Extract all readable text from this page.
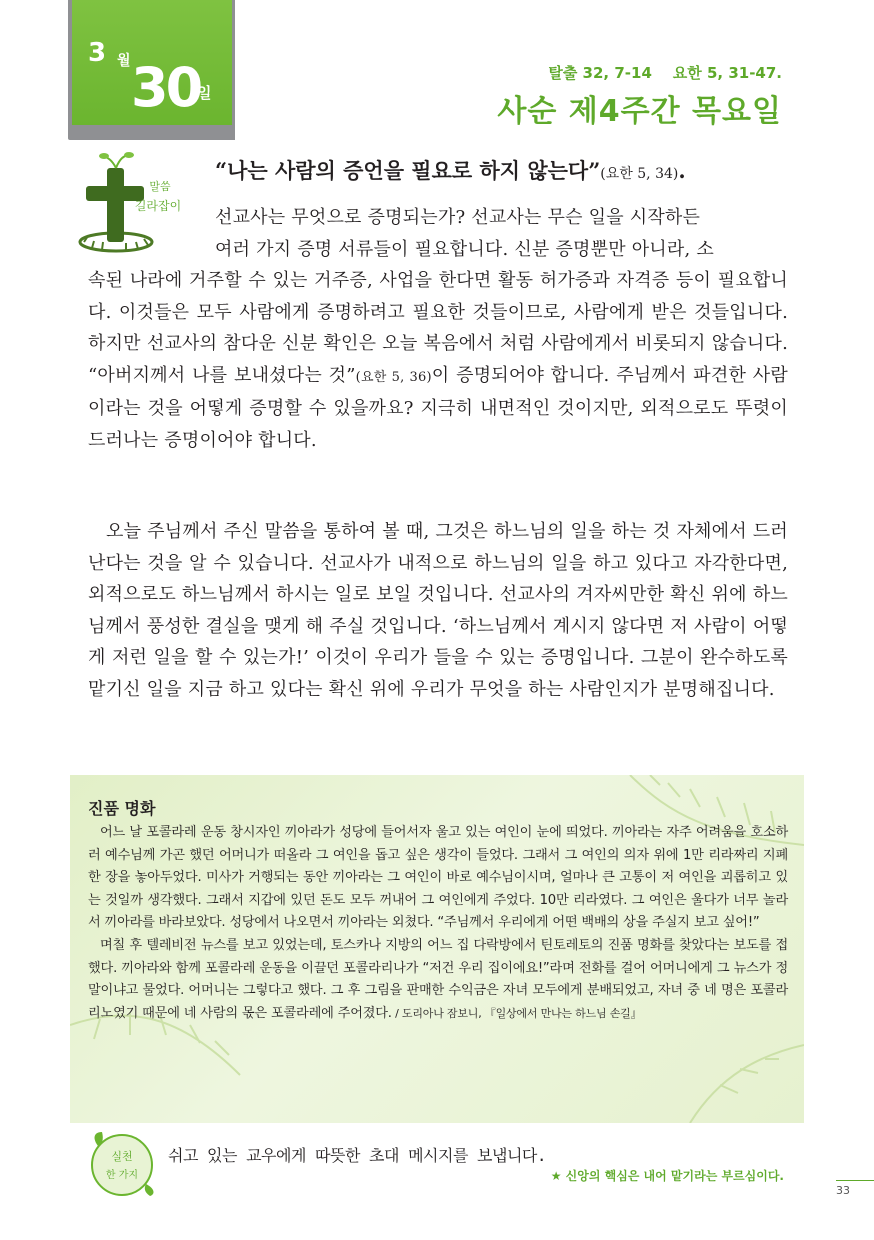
3 월 30
일
탈출 32, 7-14    요한 5, 31-47.
사순 제4주간 목요일
말씀
길라잡이
“나는 사람의 증언을 필요로 하지 않는다”(요한 5, 34).
선교사는 무엇으로 증명되는가? 선교사는 무슨 일을 시작하든
여러 가지 증명 서류들이 필요합니다. 신분 증명뿐만 아니라, 소
속된 나라에 거주할 수 있는 거주증, 사업을 한다면 활동 허가증과 자격증 등이 필요합니다. 이것들은 모두 사람에게 증명하려고 필요한 것들이므로, 사람에게 받은 것들입니다. 하지만 선교사의 참다운 신분 확인은 오늘 복음에서 처럼 사람에게서 비롯되지 않습니다. “아버지께서 나를 보내셨다는 것”(요한 5, 36)이 증명되어야 합니다. 주님께서 파견한 사람이라는 것을 어떻게 증명할 수 있을까요? 지극히 내면적인 것이지만, 외적으로도 뚜렷이 드러나는 증명이어야 합니다.
오늘 주님께서 주신 말씀을 통하여 볼 때, 그것은 하느님의 일을 하는 것 자체에서 드러난다는 것을 알 수 있습니다. 선교사가 내적으로 하느님의 일을 하고 있다고 자각한다면, 외적으로도 하느님께서 하시는 일로 보일 것입니다. 선교사의 겨자씨만한 확신 위에 하느님께서 풍성한 결실을 맺게 해 주실 것입니다. ‘하느님께서 계시지 않다면 저 사람이 어떻게 저런 일을 할 수 있는가!’ 이것이 우리가 들을 수 있는 증명입니다. 그분이 완수하도록 맡기신 일을 지금 하고 있다는 확신 위에 우리가 무엇을 하는 사람인지가 분명해집니다.
진품 명화

어느 날 포콜라레 운동 창시자인 끼아라가 성당에 들어서자 울고 있는 여인이 눈에 띄었다. 끼아라는 자주 어려움을 호소하러 예수님께 가곤 했던 어머니가 떠올라 그 여인을 돕고 싶은 생각이 들었다. 그래서 그 여인의 의자 위에 1만 리라짜리 지폐 한 장을 놓아두었다. 미사가 거행되는 동안 끼아라는 그 여인이 바로 예수님이시며, 얼마나 큰 고통이 저 여인을 괴롭히고 있는 것일까 생각했다. 그래서 지갑에 있던 돈도 모두 꺼내어 그 여인에게 주었다. 10만 리라였다. 그 여인은 울다가 너무 놀라서 끼아라를 바라보았다. 성당에서 나오면서 끼아라는 외쳤다. “주님께서 우리에게 어떤 백배의 상을 주실지 보고 싶어!”

며칠 후 텔레비전 뉴스를 보고 있었는데, 토스카나 지방의 어느 집 다락방에서 틴토레토의 진품 명화를 찾았다는 보도를 접했다. 끼아라와 함께 포콜라레 운동을 이끌던 포콜라리나가 “저건 우리 집이에요!”라며 전화를 걸어 어머니에게 그 뉴스가 정말이냐고 물었다. 어머니는 그렇다고 했다. 그 후 그림을 판매한 수익금은 자녀 모두에게 분배되었고, 자녀 중 네 명은 포콜라리노였기 때문에 네 사람의 몫은 포콜라레에 주어졌다. / 도리아나 잠보니, 『일상에서 만나는 하느님 손길』

실천
한 가지
쉬고 있는 교우에게 따뜻한 초대 메시지를 보냅니다.
★ 신앙의 핵심은 내어 맡기라는 부르심이다.
33
